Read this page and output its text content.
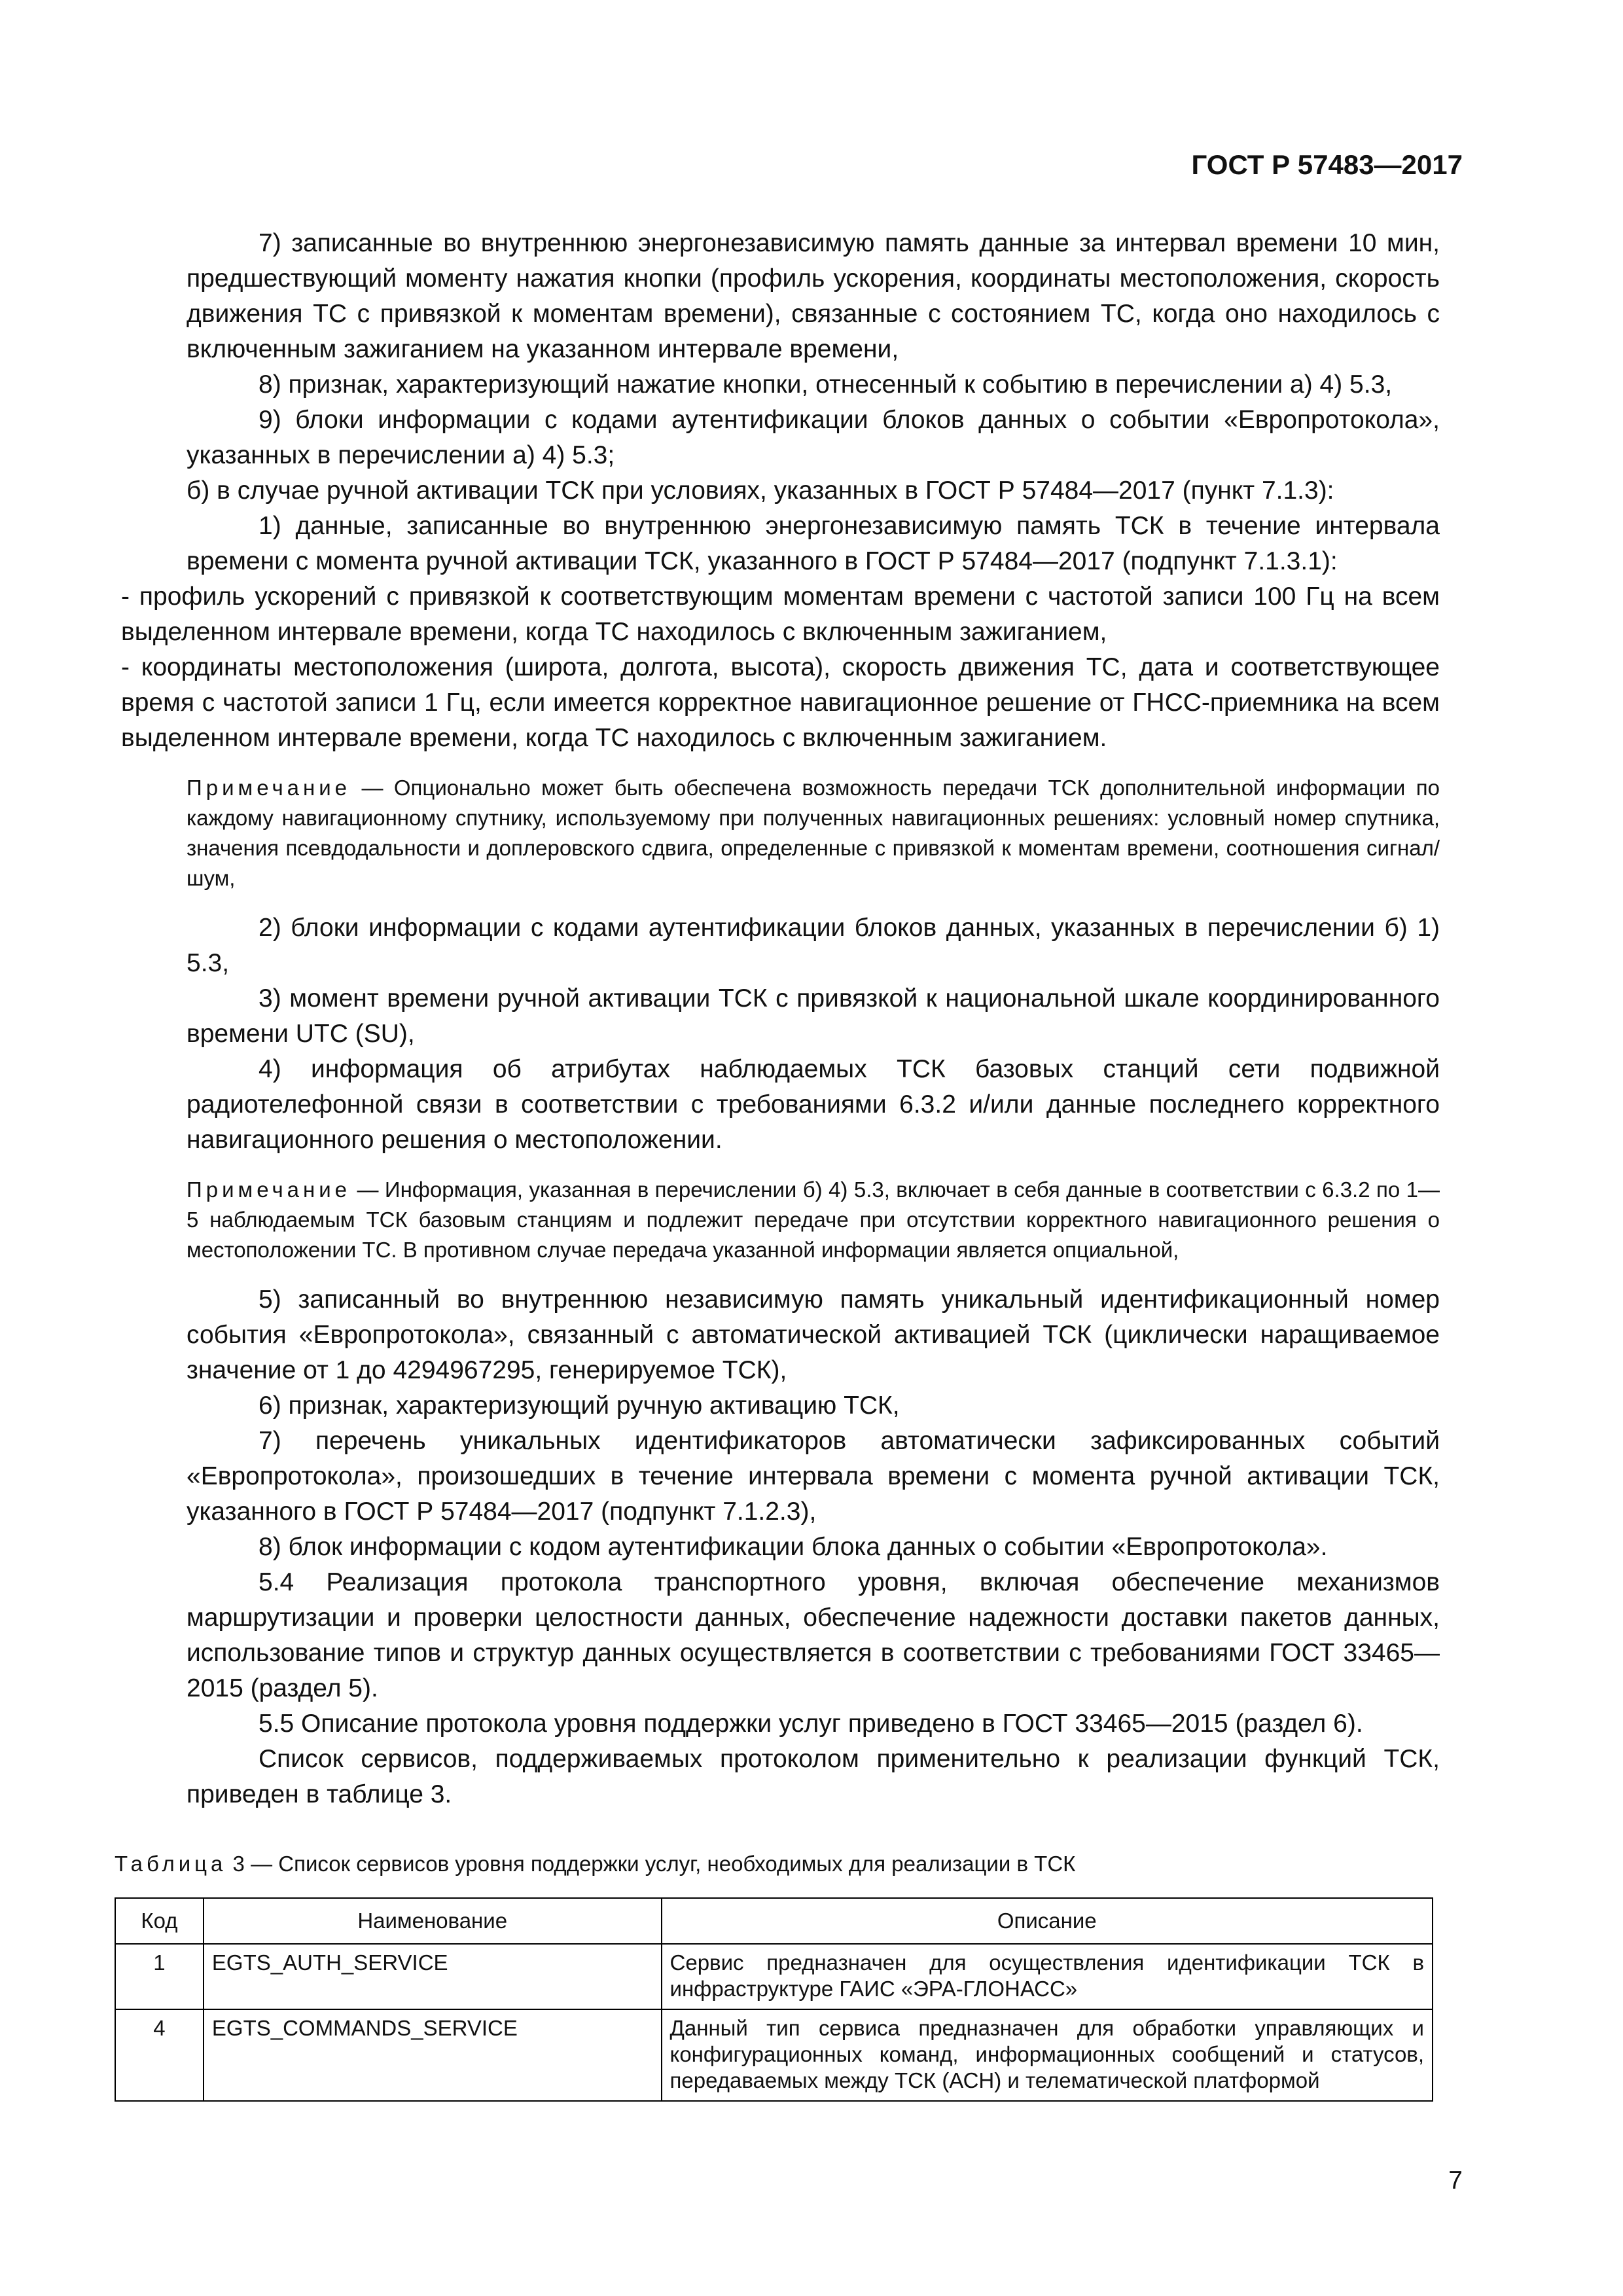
ГОСТ Р 57483—2017

7) записанные во внутреннюю энергонезависимую память данные за интервал времени 10 мин, предшествующий моменту нажатия кнопки (профиль ускорения, координаты местоположения, скорость движения ТС с привязкой к моментам времени), связанные с состоянием ТС, когда оно находилось с включенным зажиганием на указанном интервале времени,

8) признак, характеризующий нажатие кнопки, отнесенный к событию в перечислении а) 4) 5.3,

9) блоки информации с кодами аутентификации блоков данных о событии «Европротокола», указанных в перечислении а) 4) 5.3;

б) в случае ручной активации ТСК при условиях, указанных в ГОСТ Р 57484—2017 (пункт 7.1.3):

1) данные, записанные во внутреннюю энергонезависимую память ТСК в течение интервала времени с момента ручной активации ТСК, указанного в ГОСТ Р 57484—2017 (подпункт 7.1.3.1):

- профиль ускорений с привязкой к соответствующим моментам времени с частотой записи 100 Гц на всем выделенном интервале времени, когда ТС находилось с включенным зажиганием,

- координаты местоположения (широта, долгота, высота), скорость движения ТС, дата и соответствующее время с частотой записи 1 Гц, если имеется корректное навигационное решение от ГНСС-приемника на всем выделенном интервале времени, когда ТС находилось с включенным зажиганием.

Примечание — Опционально может быть обеспечена возможность передачи ТСК дополнительной информации по каждому навигационному спутнику, используемому при полученных навигационных решениях: условный номер спутника, значения псевдодальности и доплеровского сдвига, определенные с привязкой к моментам времени, соотношения сигнал/шум,

2) блоки информации с кодами аутентификации блоков данных, указанных в перечислении б) 1) 5.3,

3) момент времени ручной активации ТСК с привязкой к национальной шкале координированного времени UTC (SU),

4) информация об атрибутах наблюдаемых ТСК базовых станций сети подвижной радиотелефонной связи в соответствии с требованиями 6.3.2 и/или данные последнего корректного навигационного решения о местоположении.

Примечание — Информация, указанная в перечислении б) 4) 5.3, включает в себя данные в соответствии с 6.3.2 по 1—5 наблюдаемым ТСК базовым станциям и подлежит передаче при отсутствии корректного навигационного решения о местоположении ТС. В противном случае передача указанной информации является опциальной,

5) записанный во внутреннюю независимую память уникальный идентификационный номер события «Европротокола», связанный с автоматической активацией ТСК (циклически наращиваемое значение от 1 до 4294967295, генерируемое ТСК),

6) признак, характеризующий ручную активацию ТСК,

7) перечень уникальных идентификаторов автоматически зафиксированных событий «Европротокола», произошедших в течение интервала времени с момента ручной активации ТСК, указанного в ГОСТ Р 57484—2017 (подпункт 7.1.2.3),

8) блок информации с кодом аутентификации блока данных о событии «Европротокола».

5.4 Реализация протокола транспортного уровня, включая обеспечение механизмов маршрутизации и проверки целостности данных, обеспечение надежности доставки пакетов данных, использование типов и структур данных осуществляется в соответствии с требованиями ГОСТ 33465—2015 (раздел 5).

5.5 Описание протокола уровня поддержки услуг приведено в ГОСТ 33465—2015 (раздел 6).

Список сервисов, поддерживаемых протоколом применительно к реализации функций ТСК, приведен в таблице 3.

Таблица 3 — Список сервисов уровня поддержки услуг, необходимых для реализации в ТСК

Код	Наименование	Описание
1	EGTS_AUTH_SERVICE	Сервис предназначен для осуществления идентификации ТСК в инфраструктуре ГАИС «ЭРА-ГЛОНАСС»
4	EGTS_COMMANDS_SERVICE	Данный тип сервиса предназначен для обработки управляющих и конфигурационных команд, информационных сообщений и статусов, передаваемых между ТСК (АСН) и телематической платформой
7
